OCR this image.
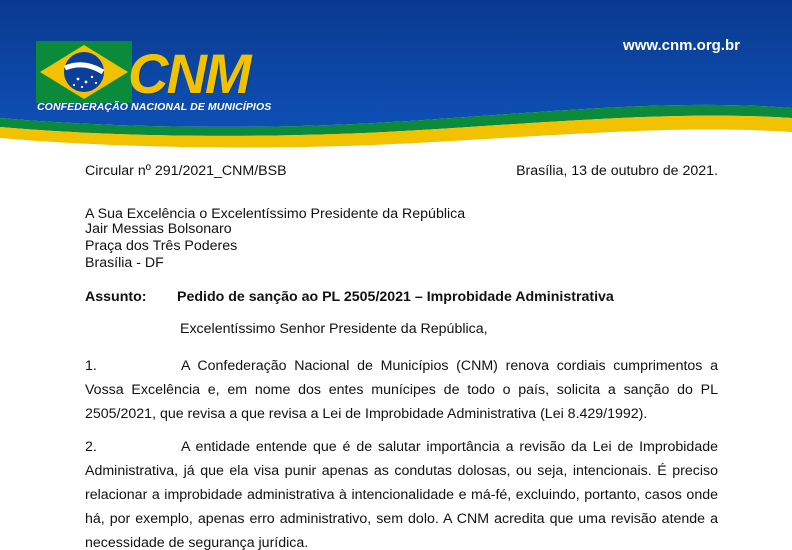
CNM
CONFEDERAÇÃO NACIONAL DE MUNICÍPIOS
www.cnm.org.br
Circular nº 291/2021_CNM/BSB	Brasília, 13 de outubro de 2021.
A Sua Excelência o Excelentíssimo Presidente da República
Jair Messias Bolsonaro
Praça dos Três Poderes
Brasília - DF
Assunto: Pedido de sanção ao PL 2505/2021 – Improbidade Administrativa
Excelentíssimo Senhor Presidente da República,
1.	A Confederação Nacional de Municípios (CNM) renova cordiais cumprimentos a Vossa Excelência e, em nome dos entes munícipes de todo o país, solicita a sanção do PL 2505/2021, que revisa a que revisa a Lei de Improbidade Administrativa (Lei 8.429/1992).
2.	A entidade entende que é de salutar importância a revisão da Lei de Improbidade Administrativa, já que ela visa punir apenas as condutas dolosas, ou seja, intencionais. É preciso relacionar a improbidade administrativa à intencionalidade e má-fé, excluindo, portanto, casos onde há, por exemplo, apenas erro administrativo, sem dolo. A CNM acredita que uma revisão atende a necessidade de segurança jurídica.
